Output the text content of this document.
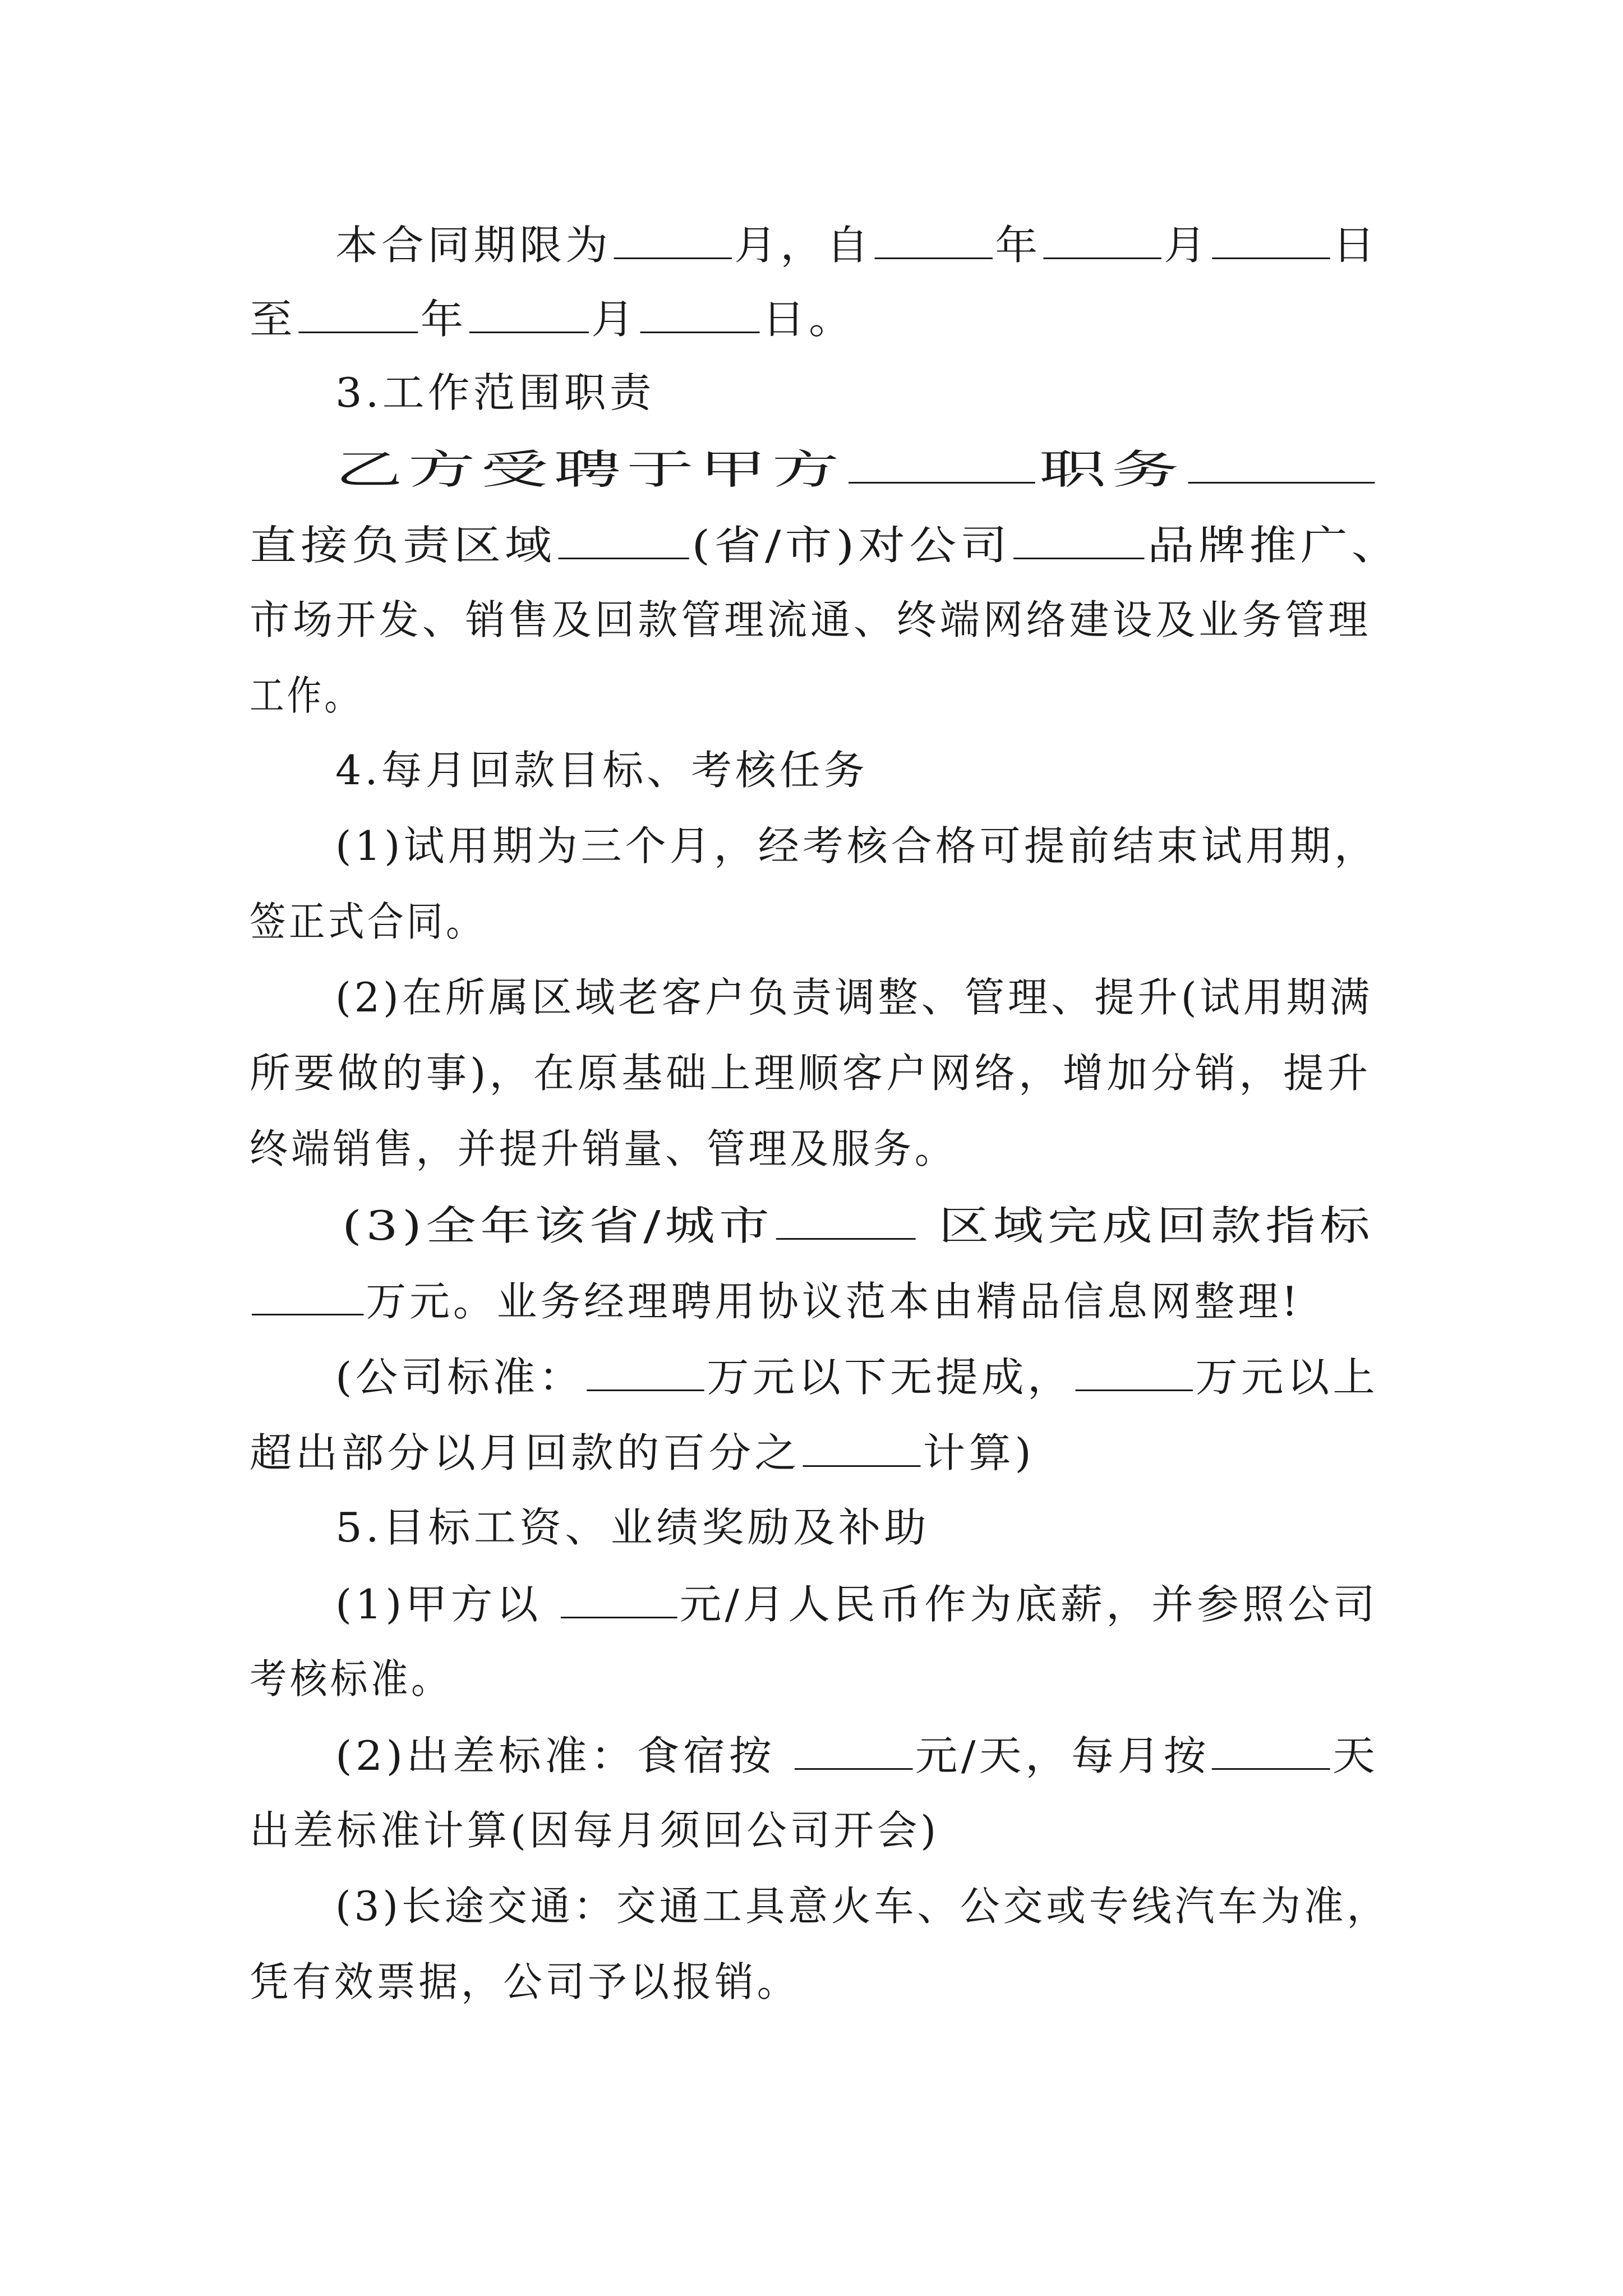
本合同期限为	月，自	年	月	日
至	年	月	日。
3.工作范围职责
乙方受聘于甲方	职务
直接负责区域	(省/市)对公司	品牌推广、
市场开发、销售及回款管理流通、终端网络建设及业务管理
工作。
4.每月回款目标、考核任务
(1)试用期为三个月，经考核合格可提前结束试用期，
签正式合同。
(2)在所属区域老客户负责调整、管理、提升(试用期满
所要做的事)，在原基础上理顺客户网络，增加分销，提升
终端销售，并提升销量、管理及服务。
(3)全年该省/城市	区域完成回款指标
万元。业务经理聘用协议范本由精品信息网整理!
(公司标准：	万元以下无提成，	万元以上
超出部分以月回款的百分之	计算)
5.目标工资、业绩奖励及补助
(1)甲方以	元/月人民币作为底薪，并参照公司
考核标准。
(2)出差标准：食宿按	元/天，每月按	天
出差标准计算(因每月须回公司开会)
(3)长途交通：交通工具意火车、公交或专线汽车为准，
凭有效票据，公司予以报销。
